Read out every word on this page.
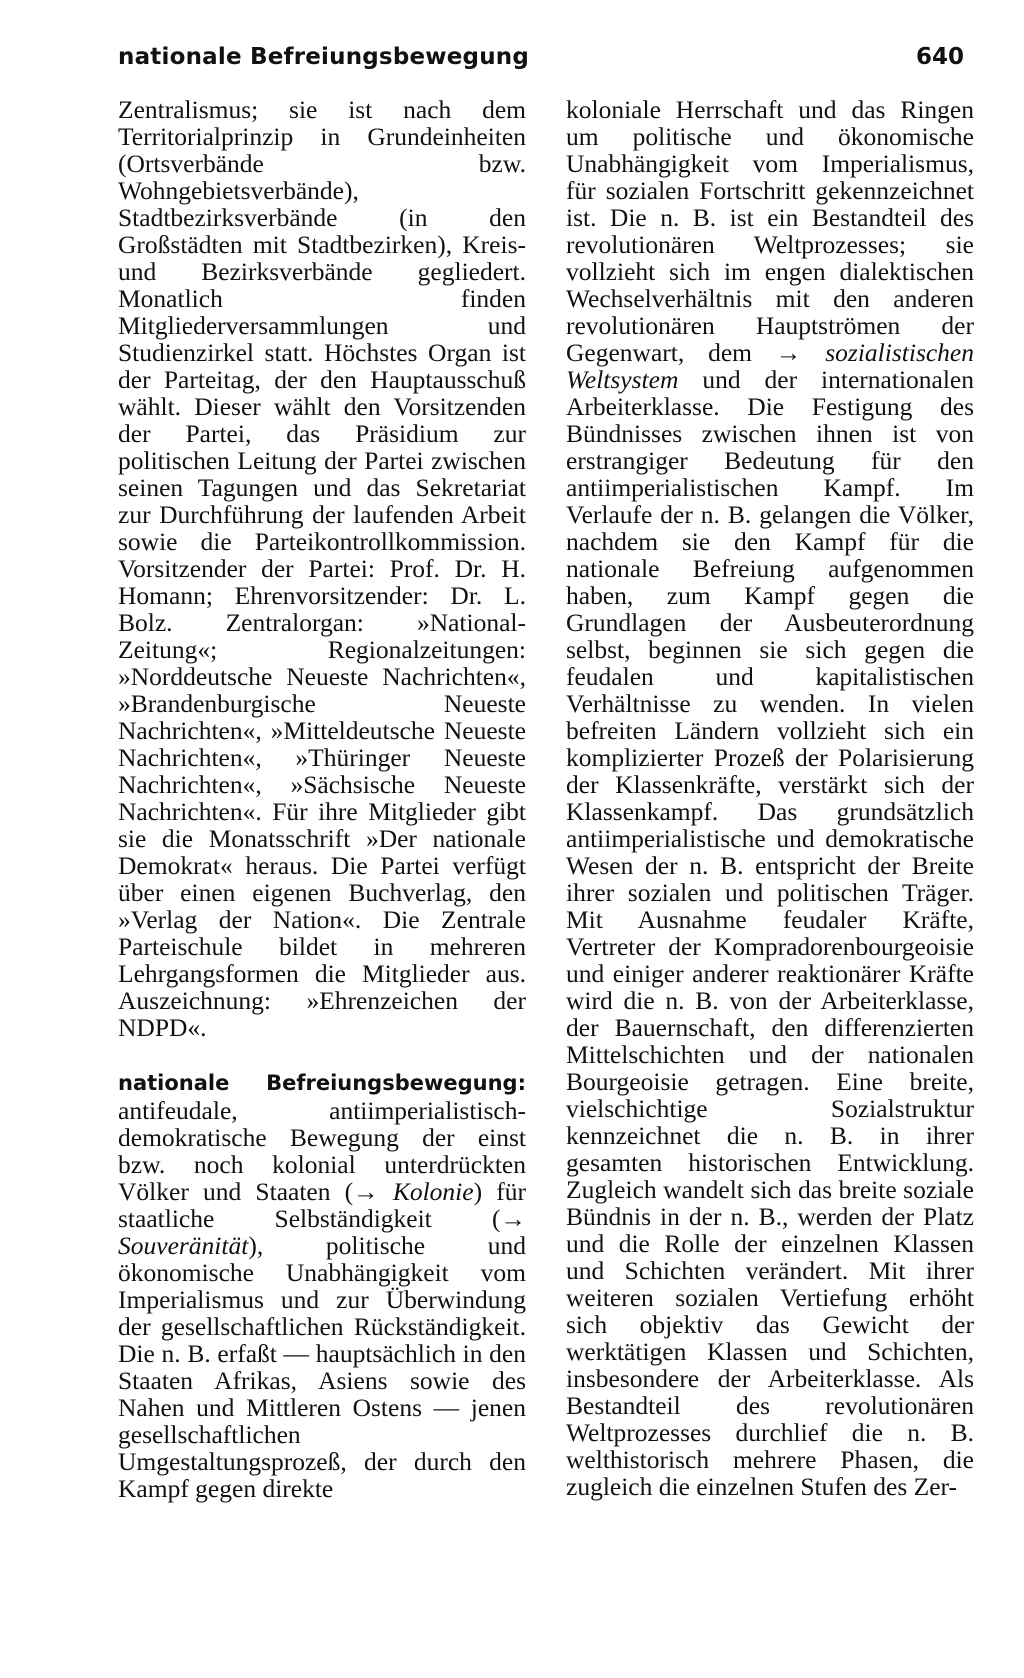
nationale Befreiungsbewegung	640

Zentralismus; sie ist nach dem Territorialprinzip in Grundeinheiten (Ortsverbände bzw. Wohngebietsverbände), Stadtbezirksverbände (in den Großstädten mit Stadtbezirken), Kreis- und Bezirksverbände gegliedert. Monatlich finden Mitgliederversammlungen und Studienzirkel statt. Höchstes Organ ist der Parteitag, der den Hauptausschuß wählt. Dieser wählt den Vorsitzenden der Partei, das Präsidium zur politischen Leitung der Partei zwischen seinen Tagungen und das Sekretariat zur Durchführung der laufenden Arbeit sowie die Parteikontrollkommission. Vorsitzender der Partei: Prof. Dr. H. Homann; Ehrenvorsitzender: Dr. L. Bolz. Zentralorgan: »National-Zeitung«; Regionalzeitungen: »Norddeutsche Neueste Nachrichten«, »Brandenburgische Neueste Nachrichten«, »Mitteldeutsche Neueste Nachrichten«, »Thüringer Neueste Nachrichten«, »Sächsische Neueste Nachrichten«. Für ihre Mitglieder gibt sie die Monatsschrift »Der nationale Demokrat« heraus. Die Partei verfügt über einen eigenen Buchverlag, den »Verlag der Nation«. Die Zentrale Parteischule bildet in mehreren Lehrgangsformen die Mitglieder aus. Auszeichnung: »Ehrenzeichen der NDPD«.

nationale Befreiungsbewegung: antifeudale, antiimperialistisch-demokratische Bewegung der einst bzw. noch kolonial unterdrückten Völker und Staaten (→ Kolonie) für staatliche Selbständigkeit (→ Souveränität), politische und ökonomische Unabhängigkeit vom Imperialismus und zur Überwindung der gesellschaftlichen Rückständigkeit. Die n. B. erfaßt — hauptsächlich in den Staaten Afrikas, Asiens sowie des Nahen und Mittleren Ostens — jenen gesellschaftlichen Umgestaltungsprozeß, der durch den Kampf gegen direkte

koloniale Herrschaft und das Ringen um politische und ökonomische Unabhängigkeit vom Imperialismus, für sozialen Fortschritt gekennzeichnet ist. Die n. B. ist ein Bestandteil des revolutionären Weltprozesses; sie vollzieht sich im engen dialektischen Wechselverhältnis mit den anderen revolutionären Hauptströmen der Gegenwart, dem → sozialistischen Weltsystem und der internationalen Arbeiterklasse. Die Festigung des Bündnisses zwischen ihnen ist von erstrangiger Bedeutung für den antiimperialistischen Kampf. Im Verlaufe der n. B. gelangen die Völker, nachdem sie den Kampf für die nationale Befreiung aufgenommen haben, zum Kampf gegen die Grundlagen der Ausbeuterordnung selbst, beginnen sie sich gegen die feudalen und kapitalistischen Verhältnisse zu wenden. In vielen befreiten Ländern vollzieht sich ein komplizierter Prozeß der Polarisierung der Klassenkräfte, verstärkt sich der Klassenkampf. Das grundsätzlich antiimperialistische und demokratische Wesen der n. B. entspricht der Breite ihrer sozialen und politischen Träger. Mit Ausnahme feudaler Kräfte, Vertreter der Kompradorenbourgeoisie und einiger anderer reaktionärer Kräfte wird die n. B. von der Arbeiterklasse, der Bauernschaft, den differenzierten Mittelschichten und der nationalen Bourgeoisie getragen. Eine breite, vielschichtige Sozialstruktur kennzeichnet die n. B. in ihrer gesamten historischen Entwicklung. Zugleich wandelt sich das breite soziale Bündnis in der n. B., werden der Platz und die Rolle der einzelnen Klassen und Schichten verändert. Mit ihrer weiteren sozialen Vertiefung erhöht sich objektiv das Gewicht der werktätigen Klassen und Schichten, insbesondere der Arbeiterklasse. Als Bestandteil des revolutionären Weltprozesses durchlief die n. B. welthistorisch mehrere Phasen, die zugleich die einzelnen Stufen des Zer-
